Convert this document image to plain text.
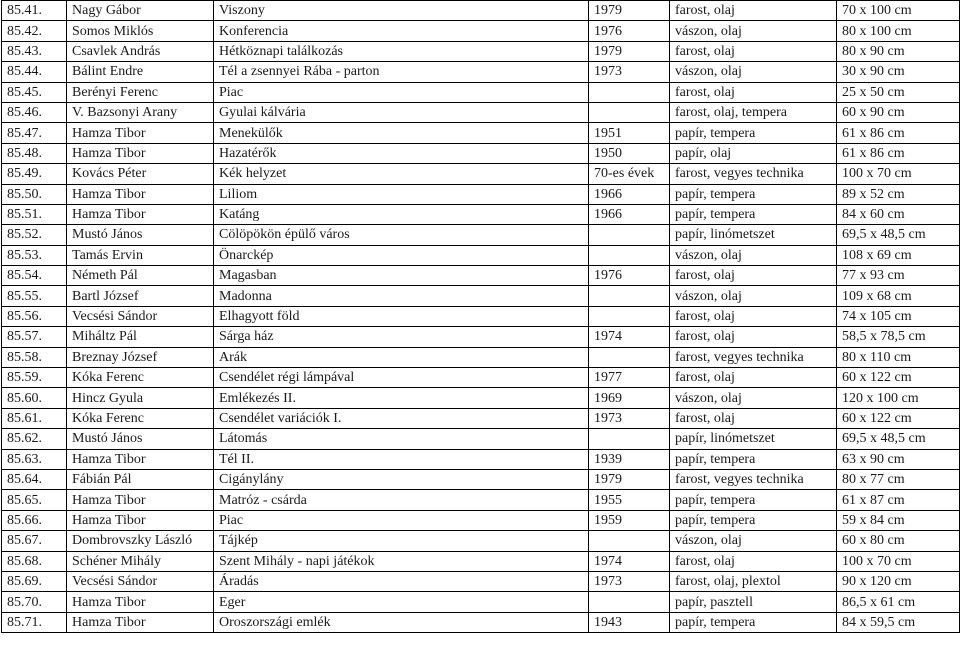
85.41.	Nagy Gábor	Viszony	1979	farost, olaj	70 x 100 cm
85.42.	Somos Miklós	Konferencia	1976	vászon, olaj	80 x 100 cm
85.43.	Csavlek András	Hétköznapi találkozás	1979	farost, olaj	80 x 90 cm
85.44.	Bálint Endre	Tél a zsennyei Rába - parton	1973	vászon, olaj	30 x 90 cm
85.45.	Berényi Ferenc	Piac		farost, olaj	25 x 50 cm
85.46.	V. Bazsonyi Arany	Gyulai kálvária		farost, olaj, tempera	60 x 90 cm
85.47.	Hamza Tibor	Menekülők	1951	papír, tempera	61 x 86 cm
85.48.	Hamza Tibor	Hazatérők	1950	papír, olaj	61 x 86 cm
85.49.	Kovács Péter	Kék helyzet	70-es évek	farost, vegyes technika	100 x 70 cm
85.50.	Hamza Tibor	Liliom	1966	papír, tempera	89 x 52 cm
85.51.	Hamza Tibor	Katáng	1966	papír, tempera	84 x 60 cm
85.52.	Mustó János	Cölöpökön épülő város		papír, linómetszet	69,5 x 48,5 cm
85.53.	Tamás Ervin	Önarckép		vászon, olaj	108 x 69 cm
85.54.	Németh Pál	Magasban	1976	farost, olaj	77 x 93 cm
85.55.	Bartl József	Madonna		vászon, olaj	109 x 68 cm
85.56.	Vecsési Sándor	Elhagyott föld		farost, olaj	74 x 105 cm
85.57.	Miháltz Pál	Sárga ház	1974	farost, olaj	58,5 x 78,5 cm
85.58.	Breznay József	Arák		farost, vegyes technika	80 x 110 cm
85.59.	Kóka Ferenc	Csendélet régi lámpával	1977	farost, olaj	60 x 122 cm
85.60.	Hincz Gyula	Emlékezés II.	1969	vászon, olaj	120 x 100 cm
85.61.	Kóka Ferenc	Csendélet variációk I.	1973	farost, olaj	60 x 122 cm
85.62.	Mustó János	Látomás		papír, linómetszet	69,5 x 48,5 cm
85.63.	Hamza Tibor	Tél II.	1939	papír, tempera	63 x 90 cm
85.64.	Fábián Pál	Cigánylány	1979	farost, vegyes technika	80 x 77 cm
85.65.	Hamza Tibor	Matróz - csárda	1955	papír, tempera	61 x 87 cm
85.66.	Hamza Tibor	Piac	1959	papír, tempera	59 x 84 cm
85.67.	Dombrovszky László	Tájkép		vászon, olaj	60 x 80 cm
85.68.	Schéner Mihály	Szent Mihály - napi játékok	1974	farost, olaj	100 x 70 cm
85.69.	Vecsési Sándor	Áradás	1973	farost, olaj, plextol	90 x 120 cm
85.70.	Hamza Tibor	Eger		papír, pasztell	86,5 x 61 cm
85.71.	Hamza Tibor	Oroszországi emlék	1943	papír, tempera	84 x 59,5 cm
